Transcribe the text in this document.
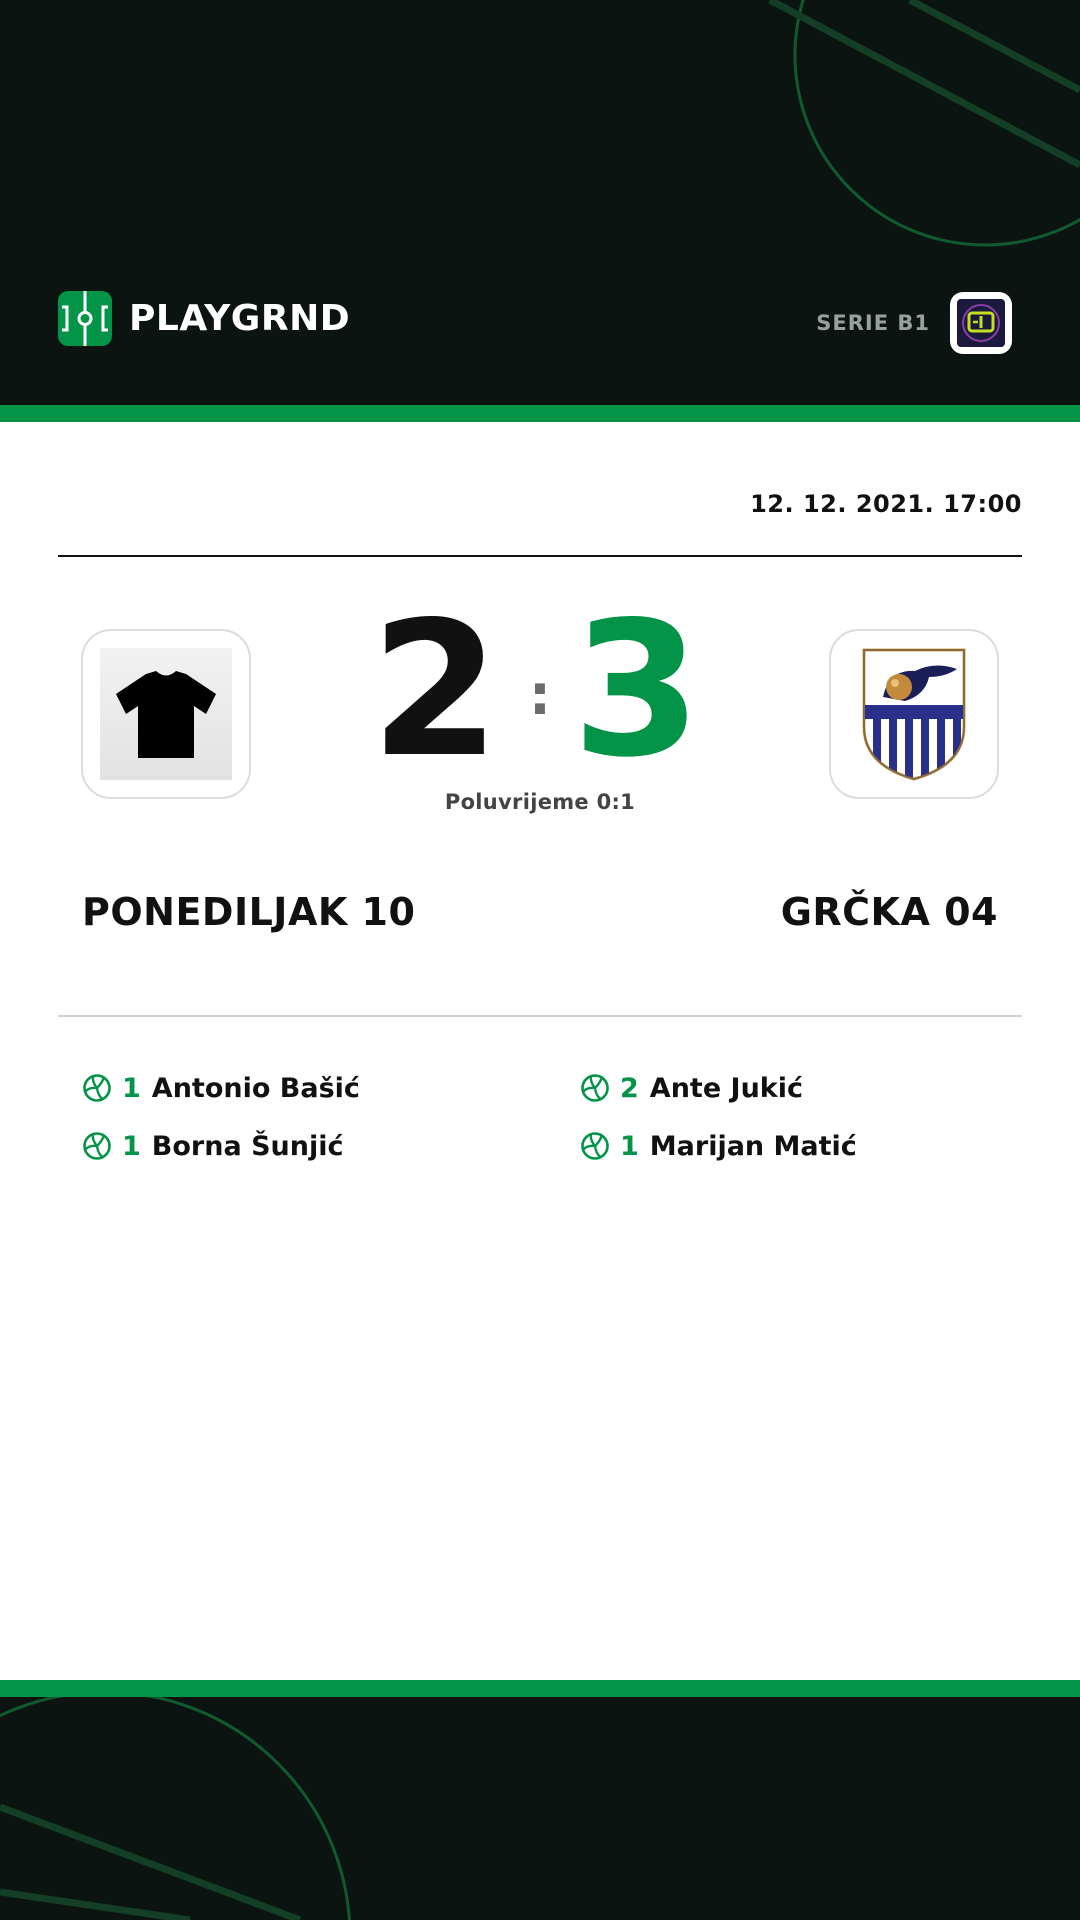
PLAYGRND	SERIE B1
12. 12. 2021. 17:00
2 : 3
Poluvrijeme 0:1
PONEDILJAK 10	GRČKA 04
1 Antonio Bašić
1 Borna Šunjić
2 Ante Jukić
1 Marijan Matić
